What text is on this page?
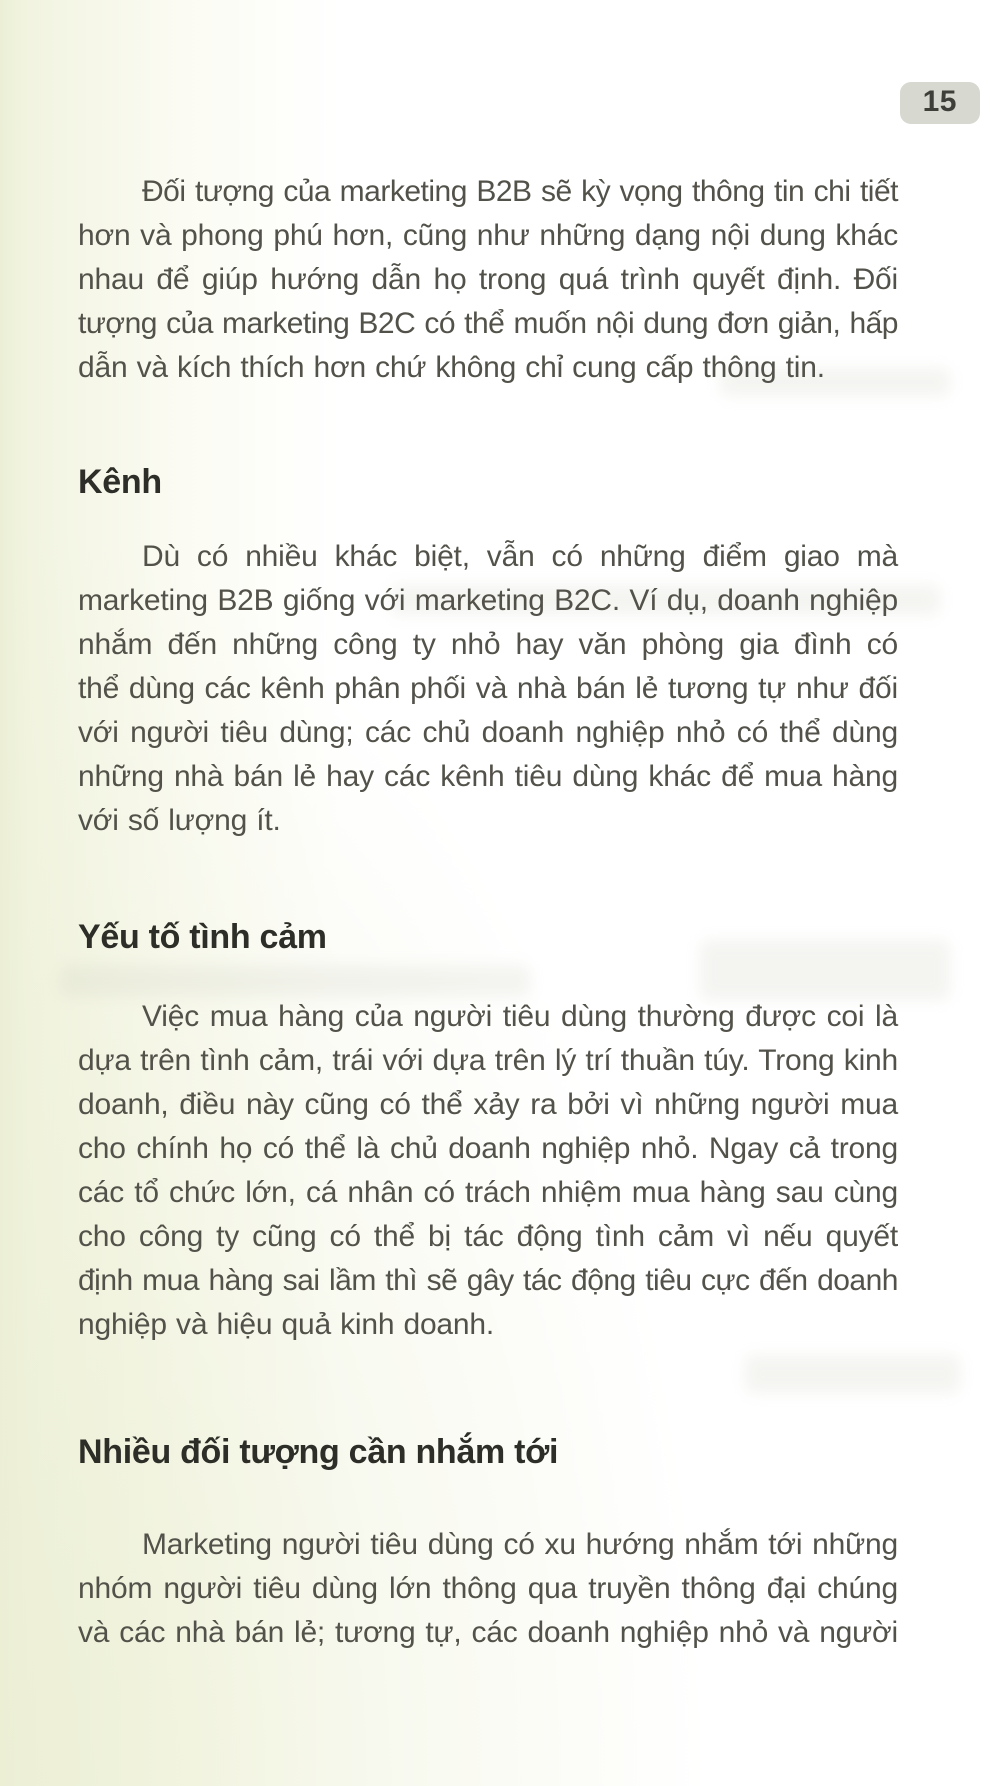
15
Đối tượng của marketing B2B sẽ kỳ vọng thông tin chi tiết
hơn và phong phú hơn, cũng như những dạng nội dung khác
nhau để giúp hướng dẫn họ trong quá trình quyết định. Đối
tượng của marketing B2C có thể muốn nội dung đơn giản, hấp
dẫn và kích thích hơn chứ không chỉ cung cấp thông tin.
Kênh
Dù có nhiều khác biệt, vẫn có những điểm giao mà
marketing B2B giống với marketing B2C. Ví dụ, doanh nghiệp
nhắm đến những công ty nhỏ hay văn phòng gia đình có
thể dùng các kênh phân phối và nhà bán lẻ tương tự như đối
với người tiêu dùng; các chủ doanh nghiệp nhỏ có thể dùng
những nhà bán lẻ hay các kênh tiêu dùng khác để mua hàng
với số lượng ít.
Yếu tố tình cảm
Việc mua hàng của người tiêu dùng thường được coi là
dựa trên tình cảm, trái với dựa trên lý trí thuần túy. Trong kinh
doanh, điều này cũng có thể xảy ra bởi vì những người mua
cho chính họ có thể là chủ doanh nghiệp nhỏ. Ngay cả trong
các tổ chức lớn, cá nhân có trách nhiệm mua hàng sau cùng
cho công ty cũng có thể bị tác động tình cảm vì nếu quyết
định mua hàng sai lầm thì sẽ gây tác động tiêu cực đến doanh
nghiệp và hiệu quả kinh doanh.
Nhiều đối tượng cần nhắm tới
Marketing người tiêu dùng có xu hướng nhắm tới những
nhóm người tiêu dùng lớn thông qua truyền thông đại chúng
và các nhà bán lẻ; tương tự, các doanh nghiệp nhỏ và người
